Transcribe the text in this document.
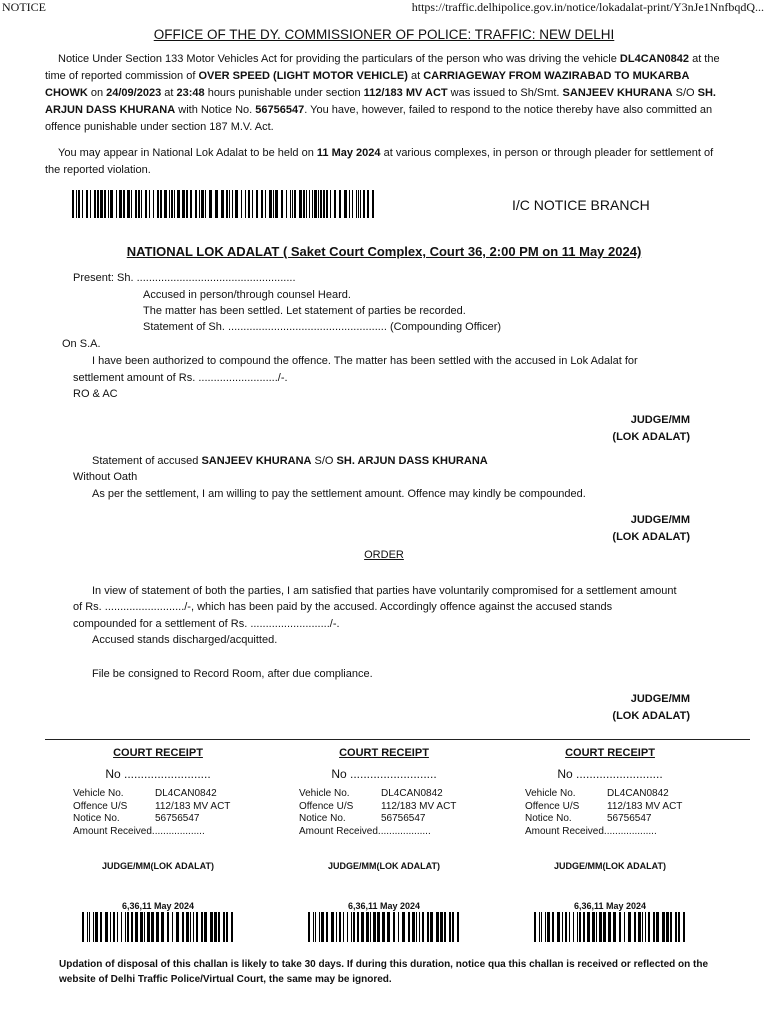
NOTICE	https://traffic.delhipolice.gov.in/notice/lokadalat-print/Y3nJe1NnfbqdQ...
OFFICE OF THE DY. COMMISSIONER OF POLICE: TRAFFIC: NEW DELHI
Notice Under Section 133 Motor Vehicles Act for providing the particulars of the person who was driving the vehicle DL4CAN0842 at the time of reported commission of OVER SPEED (LIGHT MOTOR VEHICLE) at CARRIAGEWAY FROM WAZIRABAD TO MUKARBA CHOWK on 24/09/2023 at 23:48 hours punishable under section 112/183 MV ACT was issued to Sh/Smt. SANJEEV KHURANA S/O SH. ARJUN DASS KHURANA with Notice No. 56756547. You have, however, failed to respond to the notice thereby have also committed an offence punishable under section 187 M.V. Act.
You may appear in National Lok Adalat to be held on 11 May 2024 at various complexes, in person or through pleader for settlement of the reported violation.
I/C NOTICE BRANCH
NATIONAL LOK ADALAT ( Saket Court Complex, Court 36, 2:00 PM on 11 May 2024)
Present: Sh. ....................................................
Accused in person/through counsel Heard.
The matter has been settled. Let statement of parties be recorded.
Statement of Sh. .................................................... (Compounding Officer)
On S.A.
I have been authorized to compound the offence. The matter has been settled with the accused in Lok Adalat for
settlement amount of Rs. ........................../-.
RO & AC
JUDGE/MM
(LOK ADALAT)
Statement of accused SANJEEV KHURANA S/O SH. ARJUN DASS KHURANA
Without Oath
As per the settlement, I am willing to pay the settlement amount. Offence may kindly be compounded.
JUDGE/MM
(LOK ADALAT)
ORDER
In view of statement of both the parties, I am satisfied that parties have voluntarily compromised for a settlement amount
of Rs. ........................../-, which has been paid by the accused. Accordingly offence against the accused stands
compounded for a settlement of Rs. ........................../-.
Accused stands discharged/acquitted.
File be consigned to Record Room, after due compliance.
JUDGE/MM
(LOK ADALAT)
COURT RECEIPT
No ..........................
Vehicle No.	DL4CAN0842
Offence U/S	112/183 MV ACT
Notice No.	56756547
Amount Received...................
JUDGE/MM(LOK ADALAT)
6,36,11 May 2024
COURT RECEIPT
No ..........................
Vehicle No.	DL4CAN0842
Offence U/S	112/183 MV ACT
Notice No.	56756547
Amount Received...................
JUDGE/MM(LOK ADALAT)
6,36,11 May 2024
COURT RECEIPT
No ..........................
Vehicle No.	DL4CAN0842
Offence U/S	112/183 MV ACT
Notice No.	56756547
Amount Received...................
JUDGE/MM(LOK ADALAT)
6,36,11 May 2024
Updation of disposal of this challan is likely to take 30 days. If during this duration, notice qua this challan is received or reflected on the website of Delhi Traffic Police/Virtual Court, the same may be ignored.
